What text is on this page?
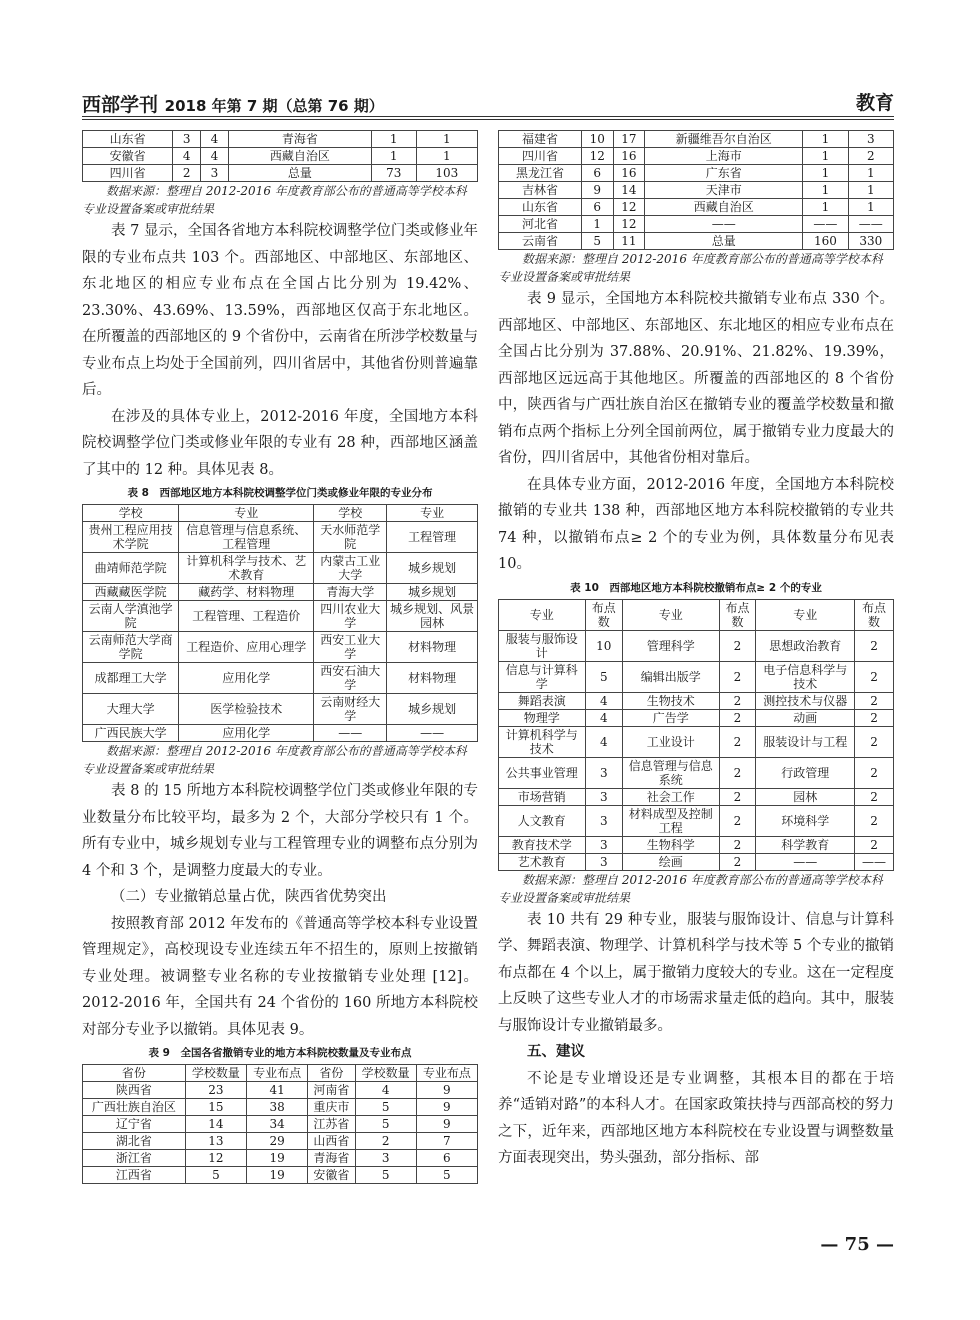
西部学刊 2018 年第 7 期（总第 76 期）	教育
山东省	3	4	青海省	1	1
安徽省	4	4	西藏自治区	1	1
四川省	2	3	总量	73	103

数据来源：整理自 2012-2016 年度教育部公布的普通高等学校本科专业设置备案或审批结果

表 7 显示，全国各省地方本科院校调整学位门类或修业年限的专业布点共 103 个。西部地区、中部地区、东部地区、东北地区的相应专业布点在全国占比分别为 19.42%、23.30%、43.69%、13.59%，西部地区仅高于东北地区。在所覆盖的西部地区的 9 个省份中，云南省在所涉学校数量与专业布点上均处于全国前列，四川省居中，其他省份则普遍靠后。

在涉及的具体专业上，2012-2016 年度，全国地方本科院校调整学位门类或修业年限的专业有 28 种，西部地区涵盖了其中的 12 种。具体见表 8。

表 8　西部地区地方本科院校调整学位门类或修业年限的专业分布
学校	专业	学校	专业
贵州工程应用技术学院	信息管理与信息系统、工程管理	天水师范学院	工程管理
曲靖师范学院	计算机科学与技术、艺术教育	内蒙古工业大学	城乡规划
西藏藏医学院	藏药学、材料物理	青海大学	城乡规划
云南人学滇池学院	工程管理、工程造价	四川农业大学	城乡规划、风景园林
云南师范大学商学院	工程造价、应用心理学	西安工业大学	材料物理
成都理工大学	应用化学	西安石油大学	材料物理
大理大学	医学检验技术	云南财经大学	城乡规划
广西民族大学	应用化学	——	——

数据来源：整理自 2012-2016 年度教育部公布的普通高等学校本科专业设置备案或审批结果

表 8 的 15 所地方本科院校调整学位门类或修业年限的专业数量分布比较平均，最多为 2 个，大部分学校只有 1 个。所有专业中，城乡规划专业与工程管理专业的调整布点分别为 4 个和 3 个，是调整力度最大的专业。

（二）专业撤销总量占优，陕西省优势突出

按照教育部 2012 年发布的《普通高等学校本科专业设置管理规定》，高校现设专业连续五年不招生的，原则上按撤销专业处理。被调整专业名称的专业按撤销专业处理 [12]。2012-2016 年，全国共有 24 个省份的 160 所地方本科院校对部分专业予以撤销。具体见表 9。

表 9　全国各省撤销专业的地方本科院校数量及专业布点
省份	学校数量	专业布点	省份	学校数量	专业布点
陕西省	23	41	河南省	4	9
广西壮族自治区	15	38	重庆市	5	9
辽宁省	14	34	江苏省	5	9
湖北省	13	29	山西省	2	7
浙江省	12	19	青海省	3	6
江西省	5	19	安徽省	5	5
福建省	10	17	新疆维吾尔自治区	1	3
四川省	12	16	上海市	1	2
黑龙江省	6	16	广东省	1	1
吉林省	9	14	天津市	1	1
山东省	6	12	西藏自治区	1	1
河北省	1	12	——	——	——
云南省	5	11	总量	160	330

数据来源：整理自 2012-2016 年度教育部公布的普通高等学校本科专业设置备案或审批结果

表 9 显示，全国地方本科院校共撤销专业布点 330 个。西部地区、中部地区、东部地区、东北地区的相应专业布点在全国占比分别为 37.88%、20.91%、21.82%、19.39%，西部地区远远高于其他地区。所覆盖的西部地区的 8 个省份中，陕西省与广西壮族自治区在撤销专业的覆盖学校数量和撤销布点两个指标上分列全国前两位，属于撤销专业力度最大的省份，四川省居中，其他省份相对靠后。

在具体专业方面，2012-2016 年度，全国地方本科院校撤销的专业共 138 种，西部地区地方本科院校撤销的专业共 74 种，以撤销布点≥ 2 个的专业为例，具体数量分布见表 10。

表 10　西部地区地方本科院校撤销布点≥ 2 个的专业
专业	布点数	专业	布点数	专业	布点数
服装与服饰设计	10	管理科学	2	思想政治教育	2
信息与计算科学	5	编辑出版学	2	电子信息科学与技术	2
舞蹈表演	4	生物技术	2	测控技术与仪器	2
物理学	4	广告学	2	动画	2
计算机科学与技术	4	工业设计	2	服装设计与工程	2
公共事业管理	3	信息管理与信息系统	2	行政管理	2
市场营销	3	社会工作	2	园林	2
人文教育	3	材料成型及控制工程	2	环境科学	2
教育技术学	3	生物科学	2	科学教育	2
艺术教育	3	绘画	2	——	——

数据来源：整理自 2012-2016 年度教育部公布的普通高等学校本科专业设置备案或审批结果

表 10 共有 29 种专业，服装与服饰设计、信息与计算科学、舞蹈表演、物理学、计算机科学与技术等 5 个专业的撤销布点都在 4 个以上，属于撤销力度较大的专业。这在一定程度上反映了这些专业人才的市场需求量走低的趋向。其中，服装与服饰设计专业撤销最多。

五、建议

不论是专业增设还是专业调整，其根本目的都在于培养“适销对路”的本科人才。在国家政策扶持与西部高校的努力之下，近年来，西部地区地方本科院校在专业设置与调整数量方面表现突出，势头强劲，部分指标、部

— 75 —
